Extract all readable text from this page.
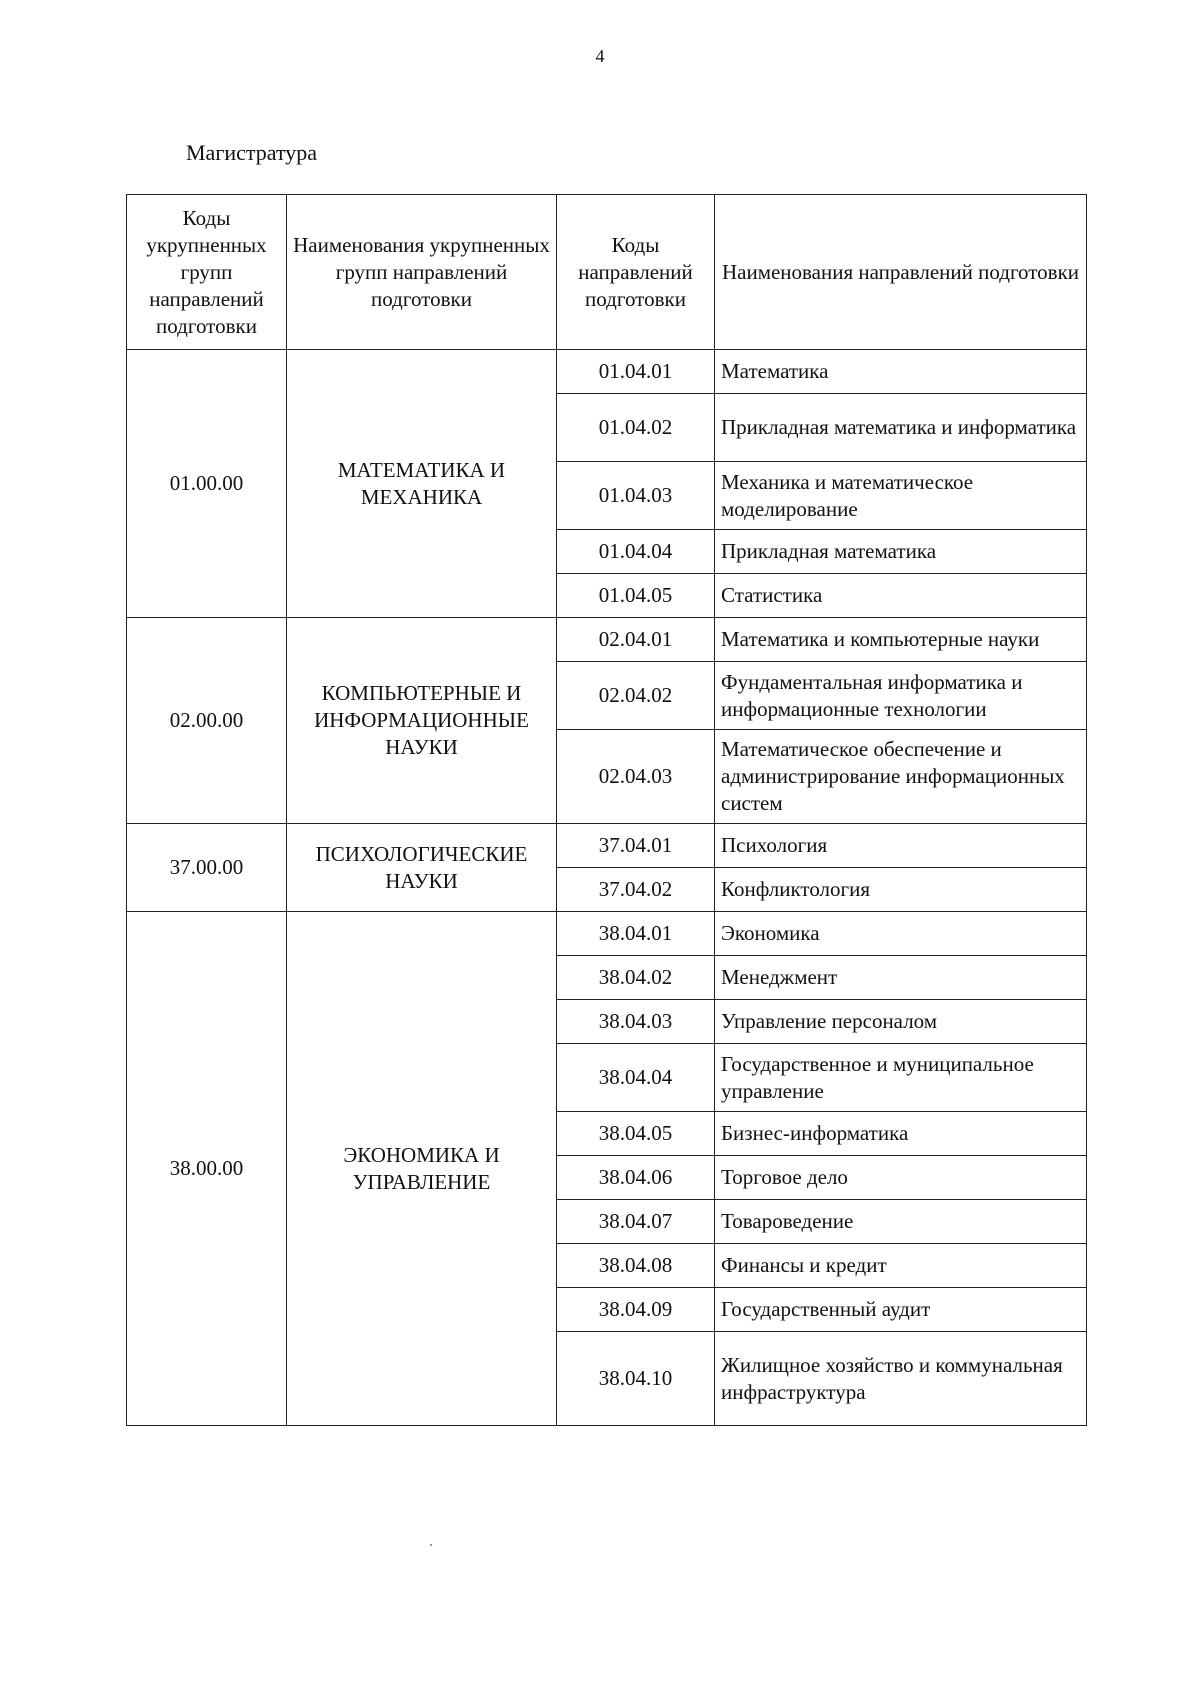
4
Магистратура
Коды укрупненных групп направлений подготовки	Наименования укрупненных групп направлений подготовки	Коды направлений подготовки	Наименования направлений подготовки
01.00.00	МАТЕМАТИКА И МЕХАНИКА	01.04.01	Математика
		01.04.02	Прикладная математика и информатика
		01.04.03	Механика и математическое моделирование
		01.04.04	Прикладная математика
		01.04.05	Статистика
02.00.00	КОМПЬЮТЕРНЫЕ И ИНФОРМАЦИОННЫЕ НАУКИ	02.04.01	Математика и компьютерные науки
		02.04.02	Фундаментальная информатика и информационные технологии
		02.04.03	Математическое обеспечение и администрирование информационных систем
37.00.00	ПСИХОЛОГИЧЕСКИЕ НАУКИ	37.04.01	Психология
		37.04.02	Конфликтология
38.00.00	ЭКОНОМИКА И УПРАВЛЕНИЕ	38.04.01	Экономика
		38.04.02	Менеджмент
		38.04.03	Управление персоналом
		38.04.04	Государственное и муниципальное управление
		38.04.05	Бизнес-информатика
		38.04.06	Торговое дело
		38.04.07	Товароведение
		38.04.08	Финансы и кредит
		38.04.09	Государственный аудит
		38.04.10	Жилищное хозяйство и коммунальная инфраструктура
